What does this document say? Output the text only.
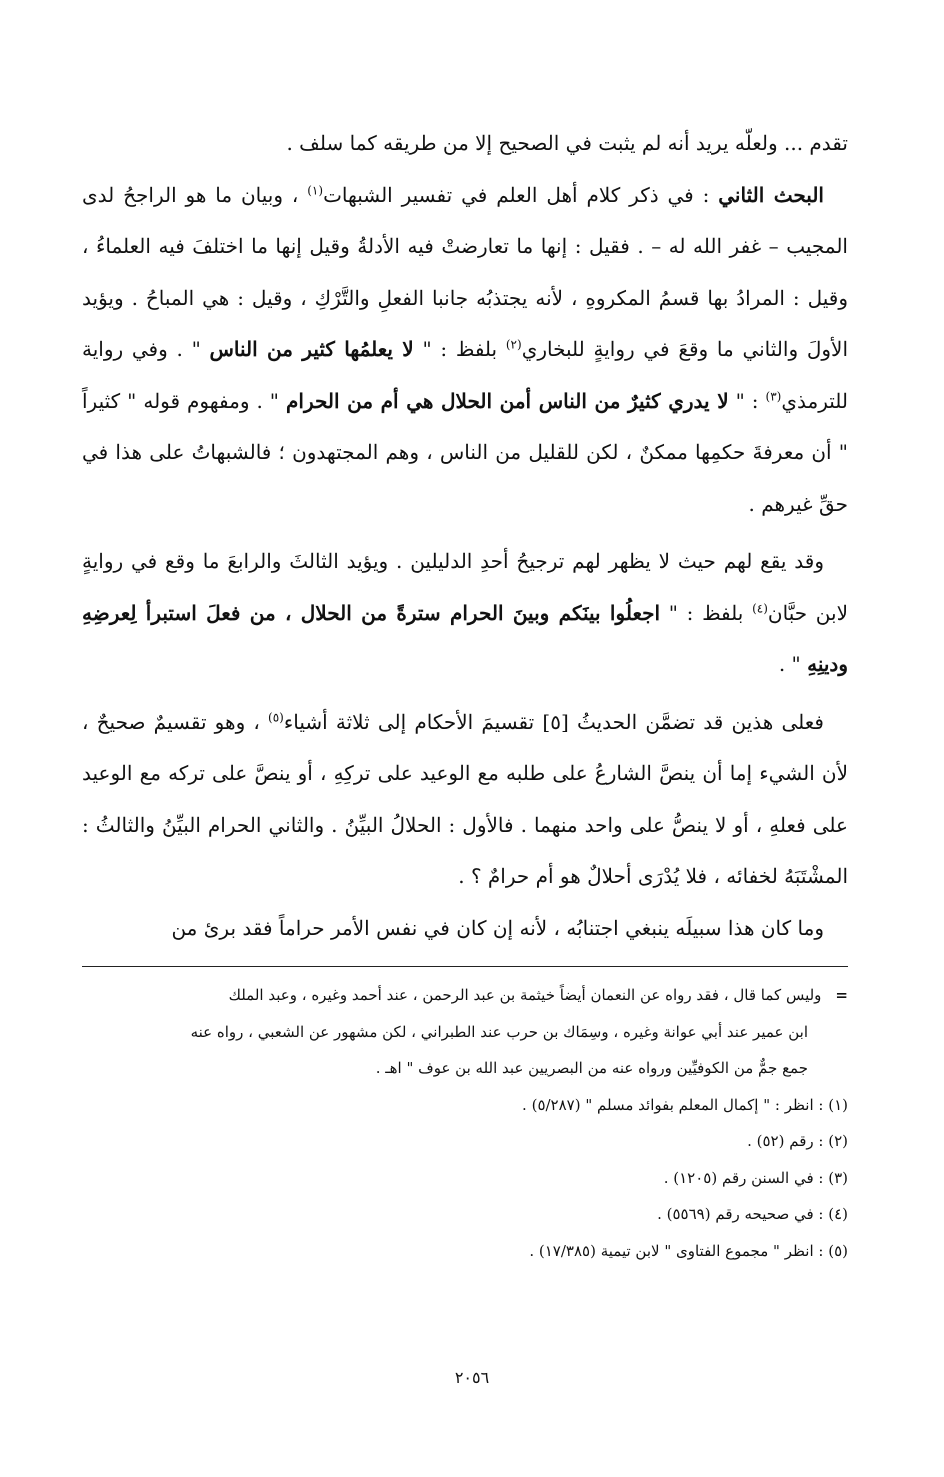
تقدم ... ولعلّه يريد أنه لم يثبت في الصحيح إلا من طريقه كما سلف .

البحث الثاني : في ذكر كلام أهل العلم في تفسير الشبهات$^{(١)}$ ، وبيان ما هو الراجحُ لدى المجيب – غفر الله له – . فقيل : إنها ما تعارضتْ فيه الأدلةُ وقيل إنها ما اختلفَ فيه العلماءُ ، وقيل : المرادُ بها قسمُ المكروهِ ، لأنه يجتذبُه جانبا الفعلِ والتَّرْكِ ، وقيل : هي المباحُ . ويؤيد الأولَ والثاني ما وقعَ في روايةٍ للبخاري$^{(٢)}$ بلفظ : " لا يعلمُها كثير من الناس " . وفي رواية للترمذي$^{(٣)}$ : " لا يدري كثيرٌ من الناس أمن الحلال هي أم من الحرام " . ومفهوم قوله " كثيراً " أن معرفةَ حكمِها ممكنٌ ، لكن للقليل من الناس ، وهم المجتهدون ؛ فالشبهاتُ على هذا في حقِّ غيرهم .

وقد يقع لهم حيث لا يظهر لهم ترجيحُ أحدِ الدليلين . ويؤيد الثالثَ والرابعَ ما وقع في روايةٍ لابن حبَّان$^{(٤)}$ بلفظ : " اجعلُوا بينَكم وبينَ الحرام سترةً من الحلال ، من فعلَ استبرأ لِعرضِهِ ودينِهِ " .

فعلى هذين قد تضمَّن الحديثُ [٥] تقسيمَ الأحكام إلى ثلاثة أشياء$^{(٥)}$ ، وهو تقسيمٌ صحيحٌ ، لأن الشيء إما أن ينصَّ الشارعُ على طلبه مع الوعيد على تركِهِ ، أو ينصَّ على تركه مع الوعيد على فعلهِ ، أو لا ينصُّ على واحد منهما . فالأول : الحلالُ البيِّنُ . والثاني الحرام البيِّنُ والثالثُ : المشْتَبَهُ لخفائه ، فلا يُدْرَى أحلالٌ هو أم حرامٌ ؟ .

وما كان هذا سبيلَه ينبغي اجتنابُه ، لأنه إن كان في نفس الأمر حراماً فقد برئ من

=وليس كما قال ، فقد رواه عن النعمان أيضاً خيثمة بن عبد الرحمن ، عند أحمد وغيره ، وعبد الملك

ابن عمير عند أبي عوانة وغيره ، وسِمَاك بن حرب عند الطبراني ، لكن مشهور عن الشعبي ، رواه عنه

جمع جمٌّ من الكوفيِّين ورواه عنه من البصريين عبد الله بن عوف " اهـ .

(١) : انظر : " إكمال المعلم بفوائد مسلم " (٥/٢٨٧) .

(٢) : رقم (٥٢) .

(٣) : في السنن رقم (١٢٠٥) .

(٤) : في صحيحه رقم (٥٥٦٩) .

(٥) : انظر " مجموع الفتاوى " لابن تيمية (١٧/٣٨٥) .

٢٠٥٦
